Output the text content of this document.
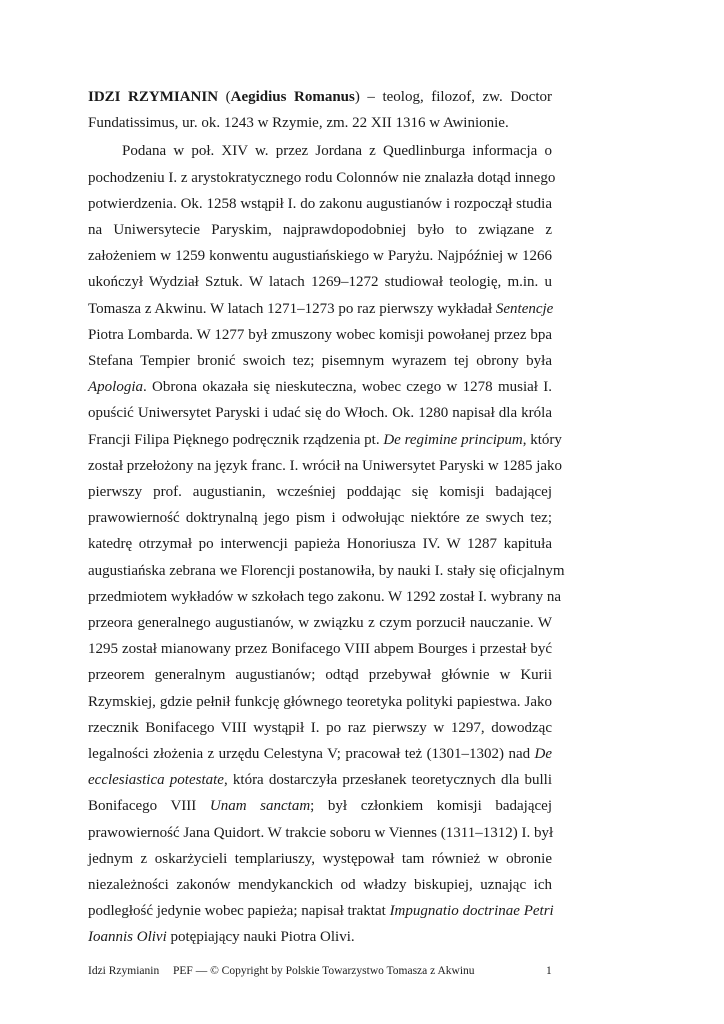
IDZI RZYMIANIN (Aegidius Romanus) – teolog, filozof, zw. Doctor
Fundatissimus, ur. ok. 1243 w Rzymie, zm. 22 XII 1316 w Awinionie.
Podana w poł. XIV w. przez Jordana z Quedlinburga informacja o
pochodzeniu I. z arystokratycznego rodu Colonnów nie znalazła dotąd innego
potwierdzenia. Ok. 1258 wstąpił I. do zakonu augustianów i rozpoczął studia
na Uniwersytecie Paryskim, najprawdopodobniej było to związane z
założeniem w 1259 konwentu augustiańskiego w Paryżu. Najpóźniej w 1266
ukończył Wydział Sztuk. W latach 1269–1272 studiował teologię, m.in. u
Tomasza z Akwinu. W latach 1271–1273 po raz pierwszy wykładał Sentencje
Piotra Lombarda. W 1277 był zmuszony wobec komisji powołanej przez bpa
Stefana Tempier bronić swoich tez; pisemnym wyrazem tej obrony była
Apologia. Obrona okazała się nieskuteczna, wobec czego w 1278 musiał I.
opuścić Uniwersytet Paryski i udać się do Włoch. Ok. 1280 napisał dla króla
Francji Filipa Pięknego podręcznik rządzenia pt. De regimine principum, który
został przełożony na język franc. I. wrócił na Uniwersytet Paryski w 1285 jako
pierwszy prof. augustianin, wcześniej poddając się komisji badającej
prawowierność doktrynalną jego pism i odwołując niektóre ze swych tez;
katedrę otrzymał po interwencji papieża Honoriusza IV. W 1287 kapituła
augustiańska zebrana we Florencji postanowiła, by nauki I. stały się oficjalnym
przedmiotem wykładów w szkołach tego zakonu. W 1292 został I. wybrany na
przeora generalnego augustianów, w związku z czym porzucił nauczanie. W
1295 został mianowany przez Bonifacego VIII abpem Bourges i przestał być
przeorem generalnym augustianów; odtąd przebywał głównie w Kurii
Rzymskiej, gdzie pełnił funkcję głównego teoretyka polityki papiestwa. Jako
rzecznik Bonifacego VIII wystąpił I. po raz pierwszy w 1297, dowodząc
legalności złożenia z urzędu Celestyna V; pracował też (1301–1302) nad De
ecclesiastica potestate, która dostarczyła przesłanek teoretycznych dla bulli
Bonifacego VIII Unam sanctam; był członkiem komisji badającej
prawowierność Jana Quidort. W trakcie soboru w Viennes (1311–1312) I. był
jednym z oskarżycieli templariuszy, występował tam również w obronie
niezależności zakonów mendykanckich od władzy biskupiej, uznając ich
podległość jedynie wobec papieża; napisał traktat Impugnatio doctrinae Petri
Ioannis Olivi potępiający nauki Piotra Olivi.
Idzi Rzymianin PEF — © Copyright by Polskie Towarzystwo Tomasza z Akwinu	1
